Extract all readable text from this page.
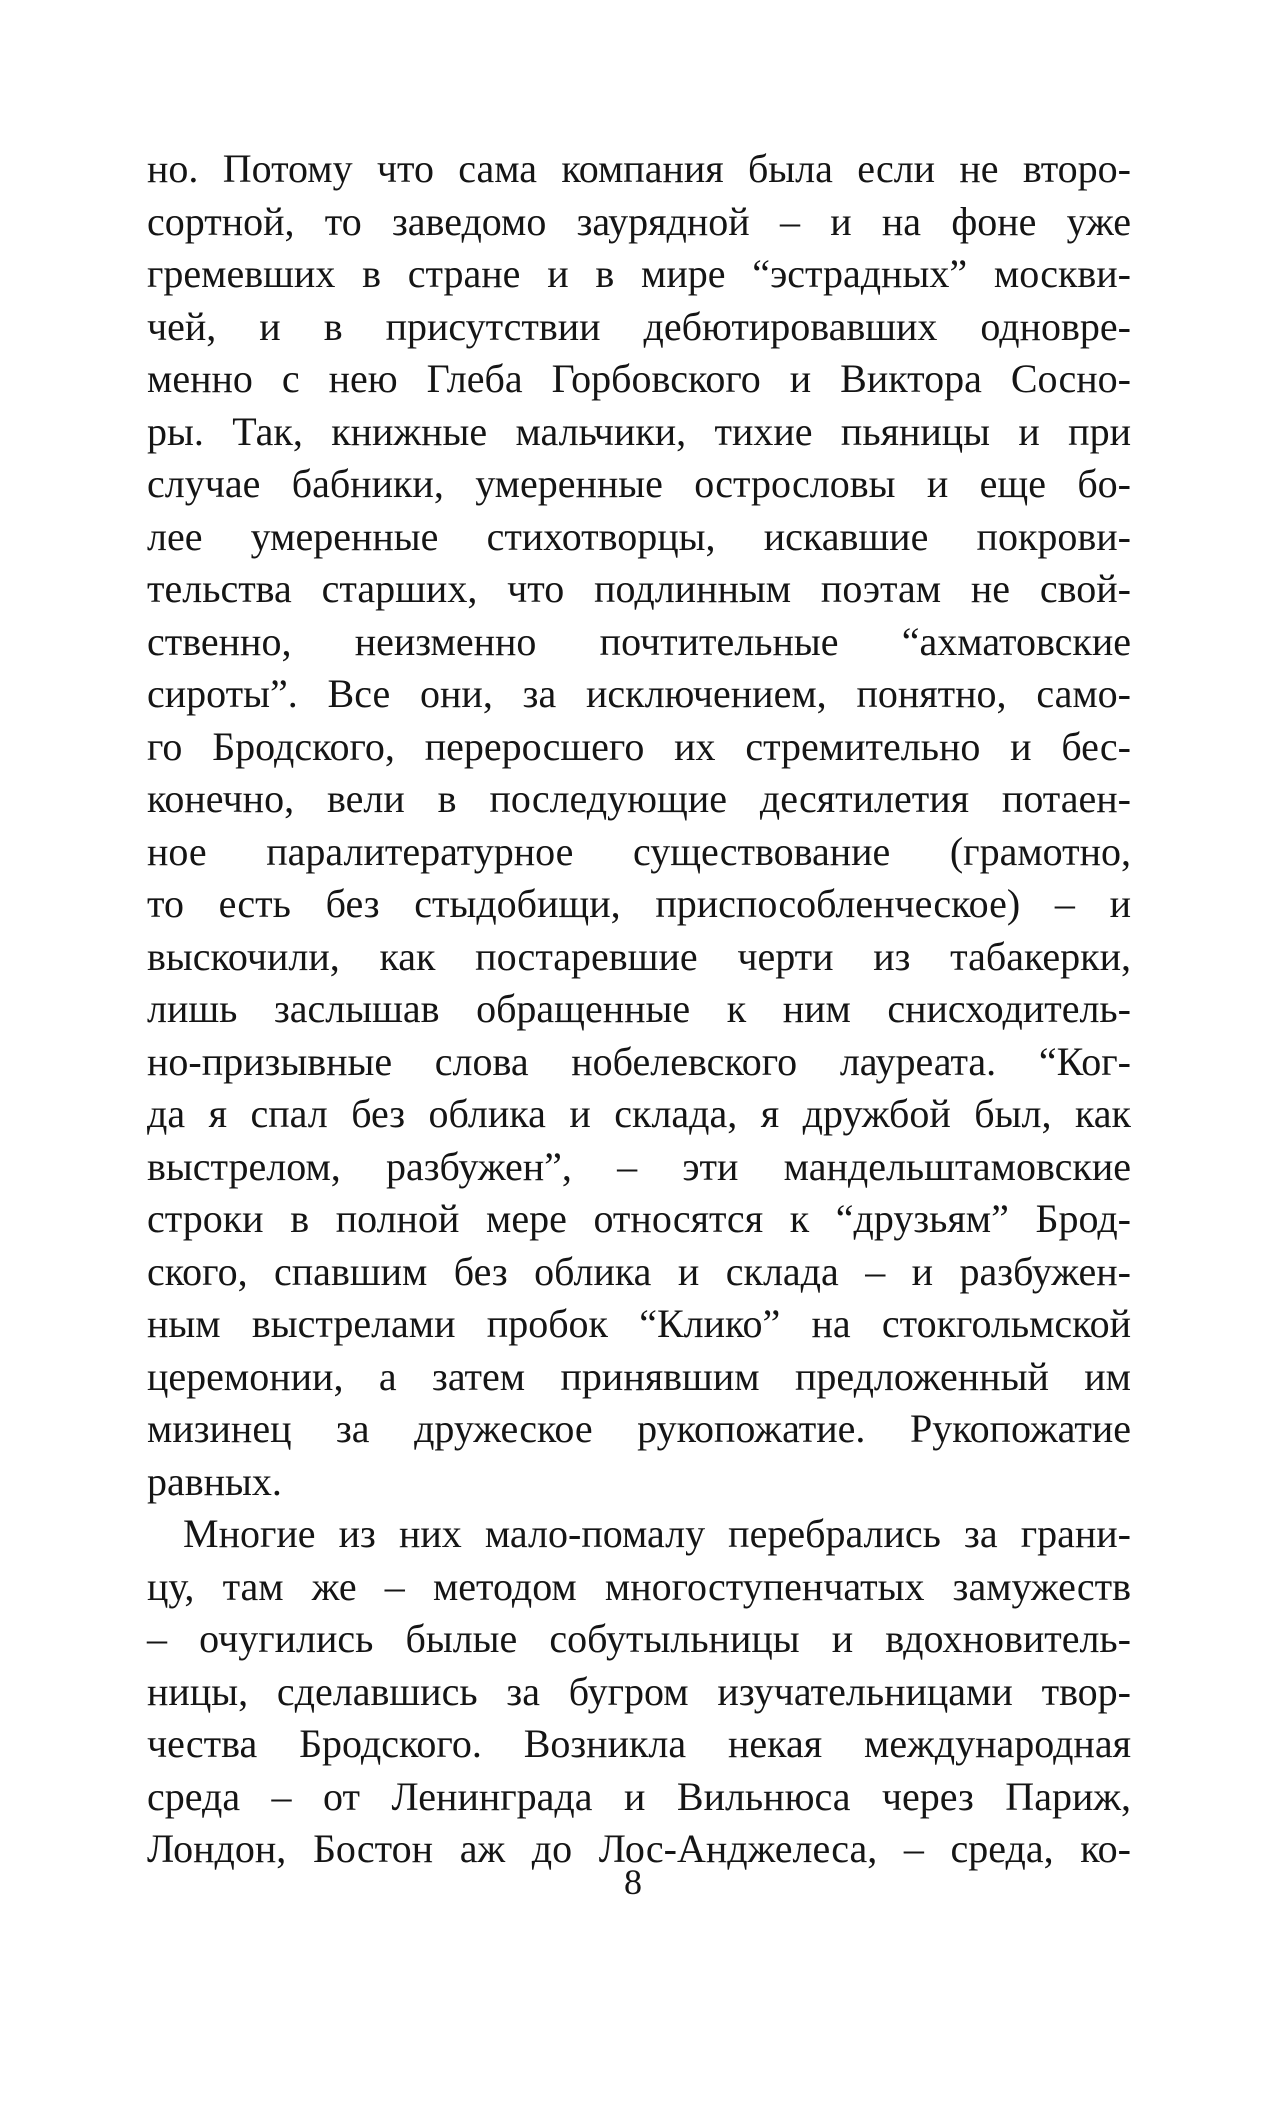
но. Потому что сама компания была если не второ-
сортной, то заведомо заурядной – и на фоне уже
гремевших в стране и в мире “эстрадных” москви-
чей, и в присутствии дебютировавших одновре-
менно с нею Глеба Горбовского и Виктора Сосно-
ры. Так, книжные мальчики, тихие пьяницы и при
случае бабники, умеренные острословы и еще бо-
лее умеренные стихотворцы, искавшие покрови-
тельства старших, что подлинным поэтам не свой-
ственно, неизменно почтительные “ахматовские
сироты”. Все они, за исключением, понятно, само-
го Бродского, переросшего их стремительно и бес-
конечно, вели в последующие десятилетия потаен-
ное паралитературное существование (грамотно,
то есть без стыдобищи, приспособленческое) – и
выскочили, как постаревшие черти из табакерки,
лишь заслышав обращенные к ним снисходитель-
но-призывные слова нобелевского лауреата. “Ког-
да я спал без облика и склада, я дружбой был, как
выстрелом, разбужен”, – эти мандельштамовские
строки в полной мере относятся к “друзьям” Брод-
ского, спавшим без облика и склада – и разбужен-
ным выстрелами пробок “Клико” на стокгольмской
церемонии, а затем принявшим предложенный им
мизинец за дружеское рукопожатие. Рукопожатие
равных.
Многие из них мало-помалу перебрались за грани-
цу, там же – методом многоступенчатых замужеств
– очугились былые собутыльницы и вдохновитель-
ницы, сделавшись за бугром изучательницами твор-
чества Бродского. Возникла некая международная
среда – от Ленинграда и Вильнюса через Париж,
Лондон, Бостон аж до Лос-Анджелеса, – среда, ко-
8
